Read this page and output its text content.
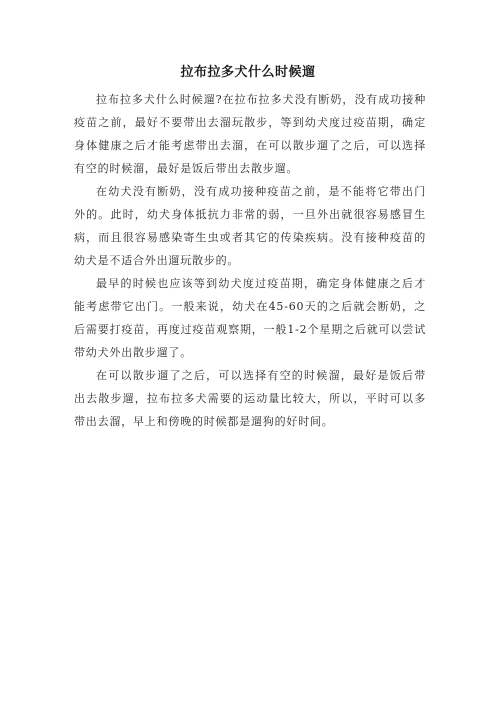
拉布拉多犬什么时候遛

拉布拉多犬什么时候遛?在拉布拉多犬没有断奶，没有成功接种疫苗之前，最好不要带出去溜玩散步，等到幼犬度过疫苗期，确定身体健康之后才能考虑带出去溜，在可以散步遛了之后，可以选择有空的时候溜，最好是饭后带出去散步遛。

在幼犬没有断奶，没有成功接种疫苗之前，是不能将它带出门外的。此时，幼犬身体抵抗力非常的弱，一旦外出就很容易感冒生病，而且很容易感染寄生虫或者其它的传染疾病。没有接种疫苗的幼犬是不适合外出遛玩散步的。

最早的时候也应该等到幼犬度过疫苗期，确定身体健康之后才能考虑带它出门。一般来说，幼犬在45-60天的之后就会断奶，之后需要打疫苗，再度过疫苗观察期，一般1-2个星期之后就可以尝试带幼犬外出散步遛了。

在可以散步遛了之后，可以选择有空的时候溜，最好是饭后带出去散步遛，拉布拉多犬需要的运动量比较大，所以，平时可以多带出去溜，早上和傍晚的时候都是遛狗的好时间。
